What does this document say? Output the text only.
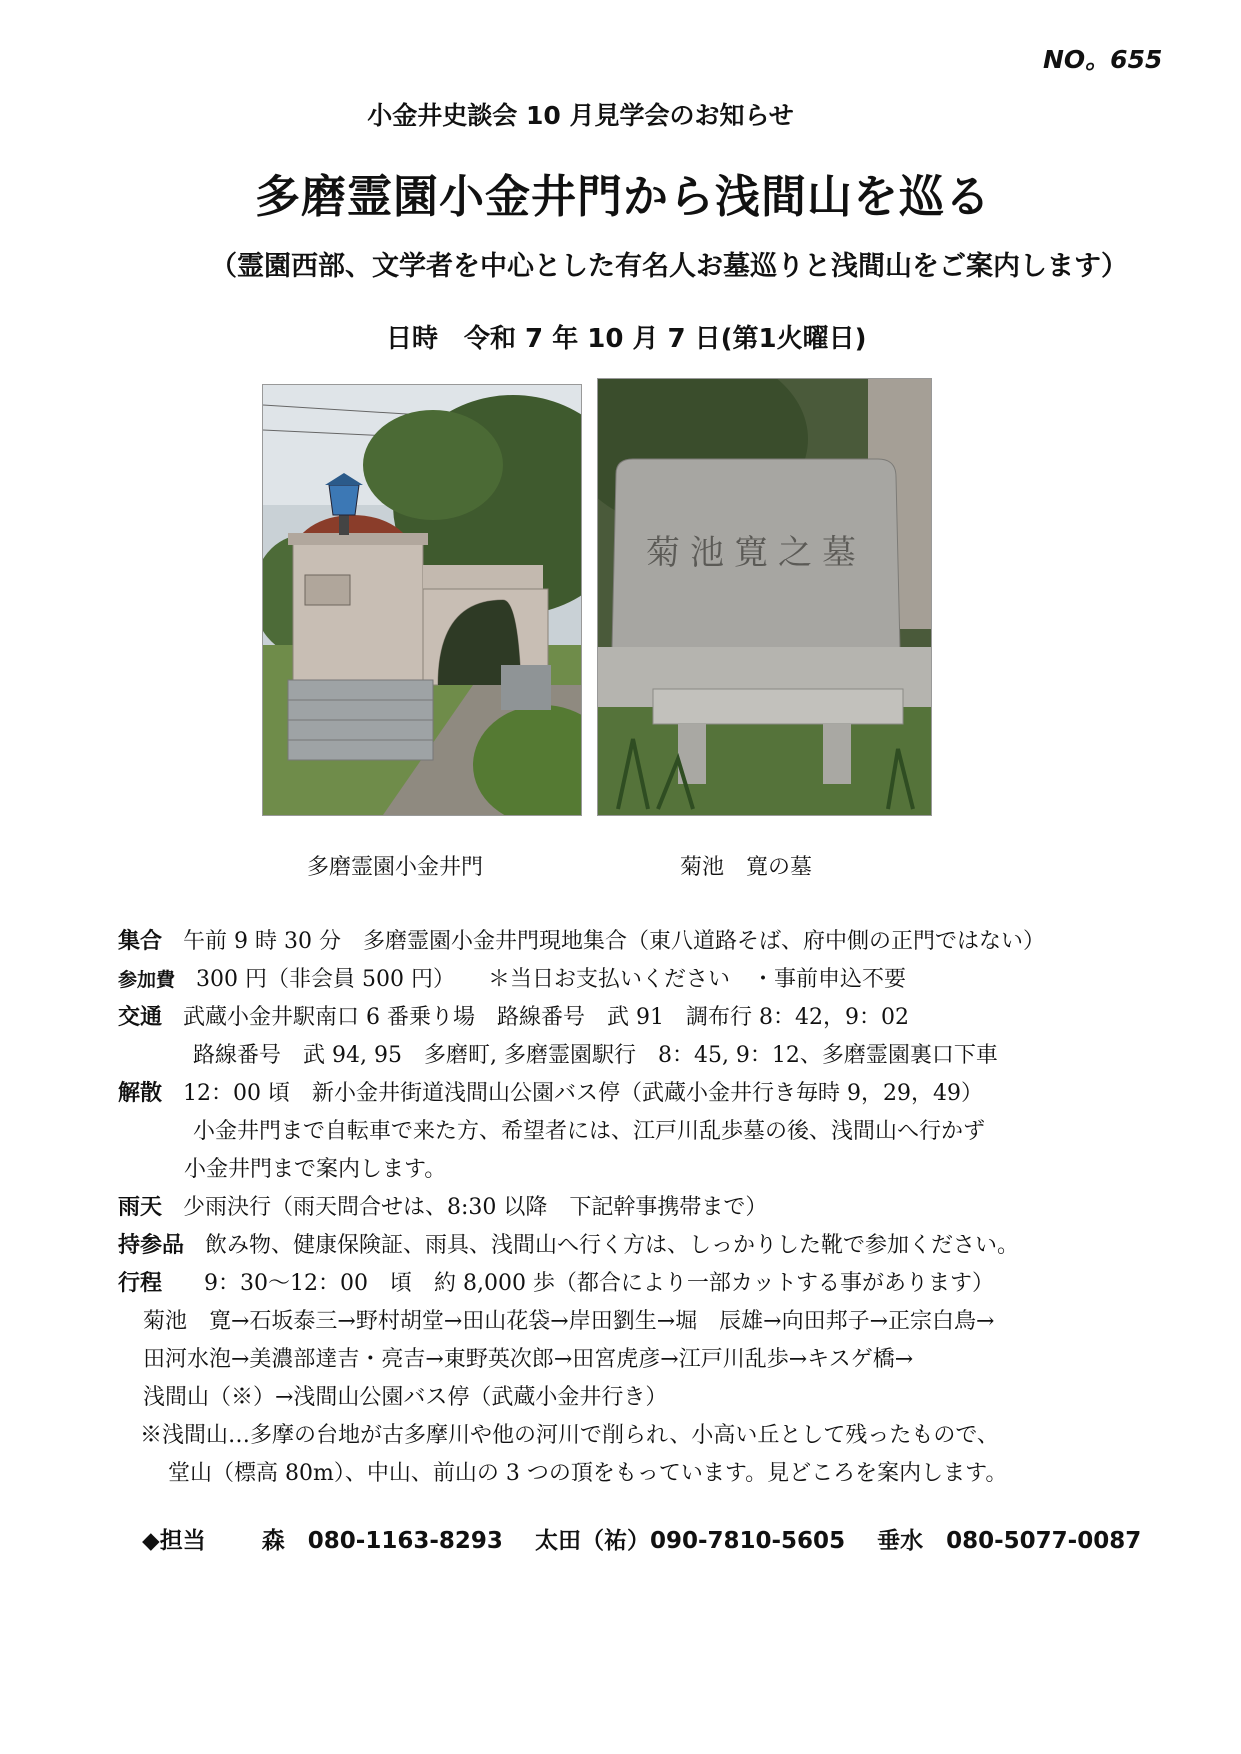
NO。655
小金井史談会 10 月見学会のお知らせ
多磨霊園小金井門から浅間山を巡る
（霊園西部、文学者を中心とした有名人お墓巡りと浅間山をご案内します）
日時　令和 7 年 10 月 7 日(第1火曜日)
菊池寛之墓
多磨霊園小金井門	菊池　寛の墓
集合 午前 9 時 30 分　多磨霊園小金井門現地集合（東八道路そば、府中側の正門ではない）
参加費 300 円（非会員 500 円）　　＊当日お支払いください　・事前申込不要
交通 武蔵小金井駅南口 6 番乗り場　路線番号　武 91　調布行 8：42，9：02
路線番号　武 94, 95　多磨町, 多磨霊園駅行　8：45, 9：12、多磨霊園裏口下車
解散 12：00 頃　新小金井街道浅間山公園バス停（武蔵小金井行き毎時 9，29，49）
小金井門まで自転車で来た方、希望者には、江戸川乱歩墓の後、浅間山へ行かず
小金井門まで案内します。
雨天 少雨決行（雨天問合せは、8:30 以降　下記幹事携帯まで）
持参品 飲み物、健康保険証、雨具、浅間山へ行く方は、しっかりした靴で参加ください。
行程 9：30～12：00　頃　約 8,000 歩（都合により一部カットする事があります）
菊池　寛→石坂泰三→野村胡堂→田山花袋→岸田劉生→堀　辰雄→向田邦子→正宗白鳥→
田河水泡→美濃部達吉・亮吉→東野英次郎→田宮虎彦→江戸川乱歩→キスゲ橋→
浅間山（※）→浅間山公園バス停（武蔵小金井行き）
※浅間山…多摩の台地が古多摩川や他の河川で削られ、小高い丘として残ったもので、
堂山（標高 80m）、中山、前山の 3 つの頂をもっています。見どころを案内します。
◆担当 森　080-1163-8293 太田（祐）090-7810-5605 垂水　080-5077-0087
